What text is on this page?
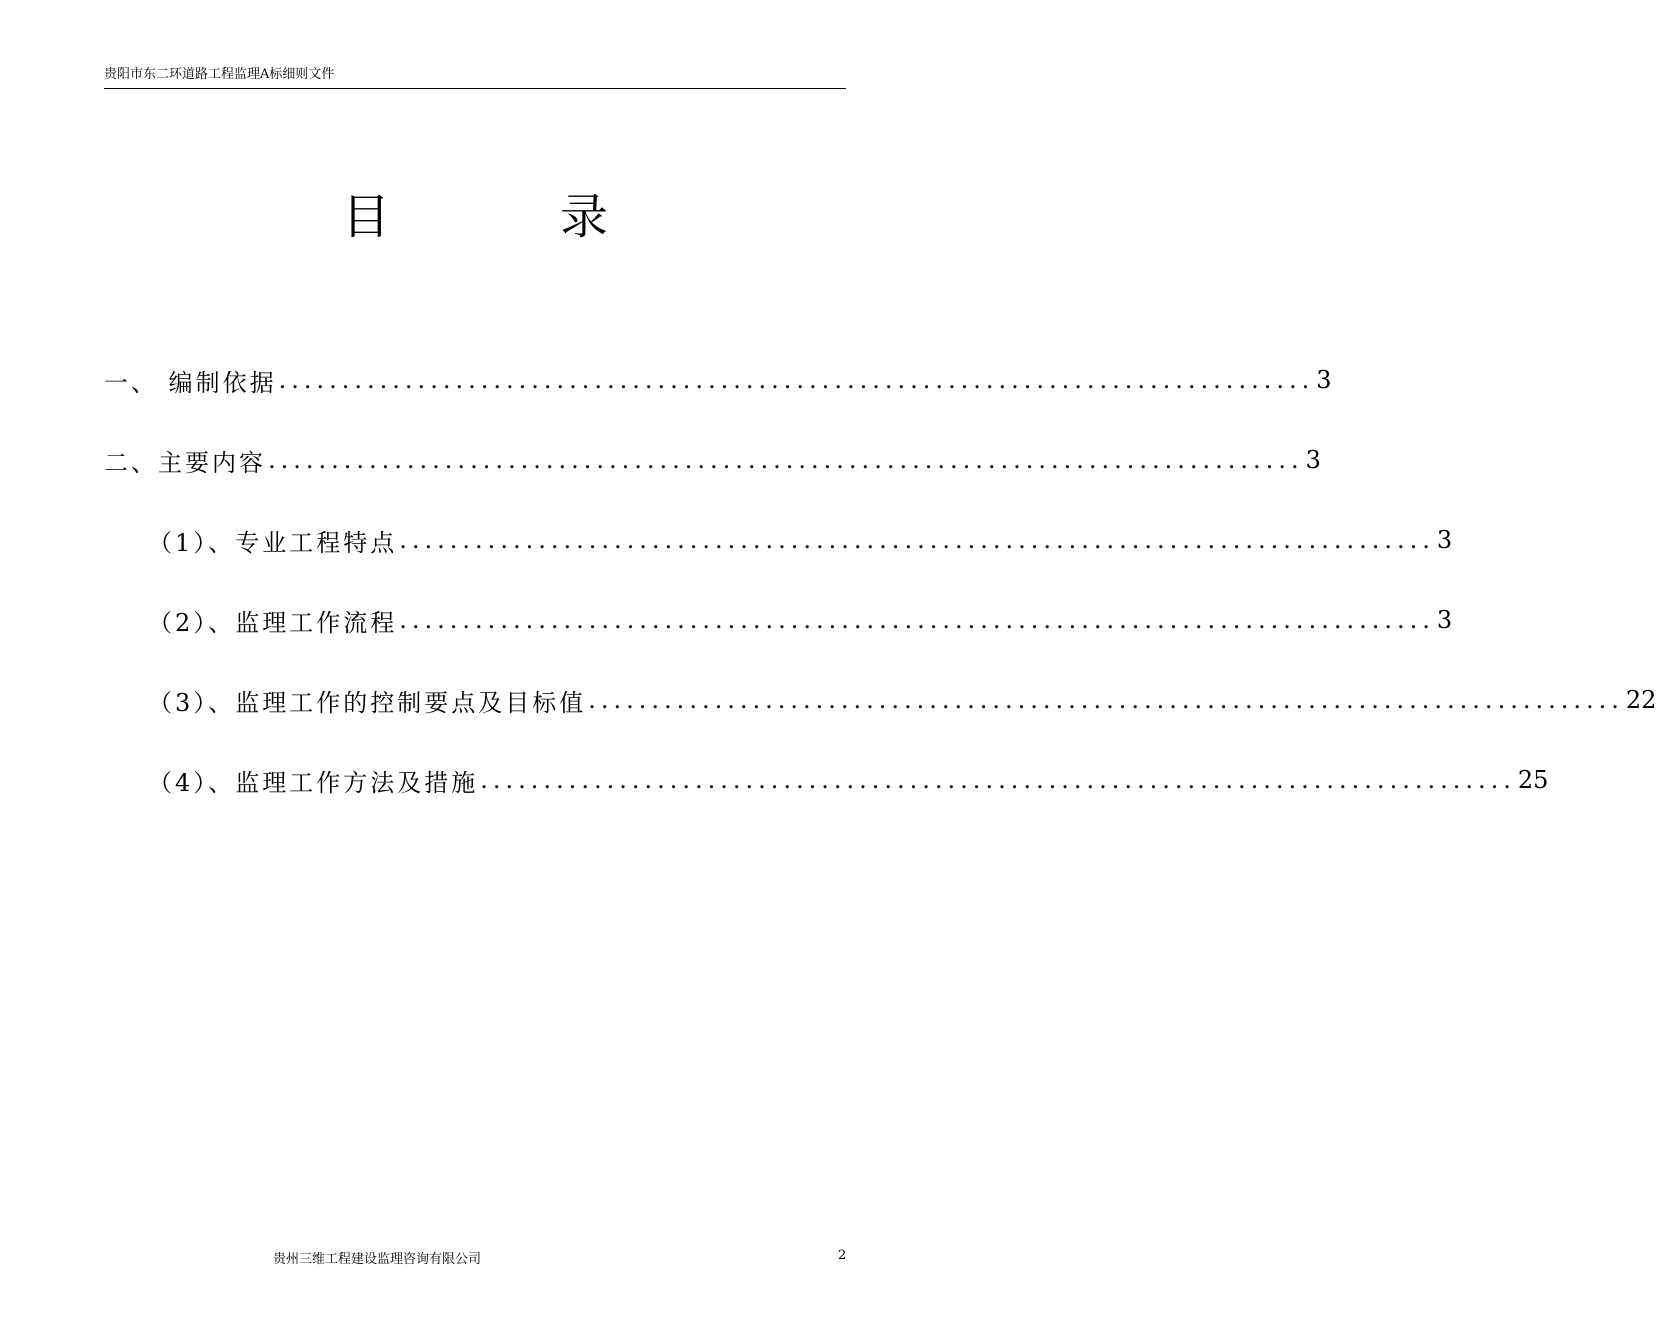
贵阳市东二环道路工程监理A标细则文件
目	录
一、 编制依据 .................................................................................. 3
二、主要内容 .................................................................................. 3
（1）、专业工程特点 .................................................................................. 3
（2）、监理工作流程 .................................................................................. 3
（3）、监理工作的控制要点及目标值 .................................................................................. 22
（4）、监理工作方法及措施 .................................................................................. 25
贵州三维工程建设监理咨询有限公司	2
